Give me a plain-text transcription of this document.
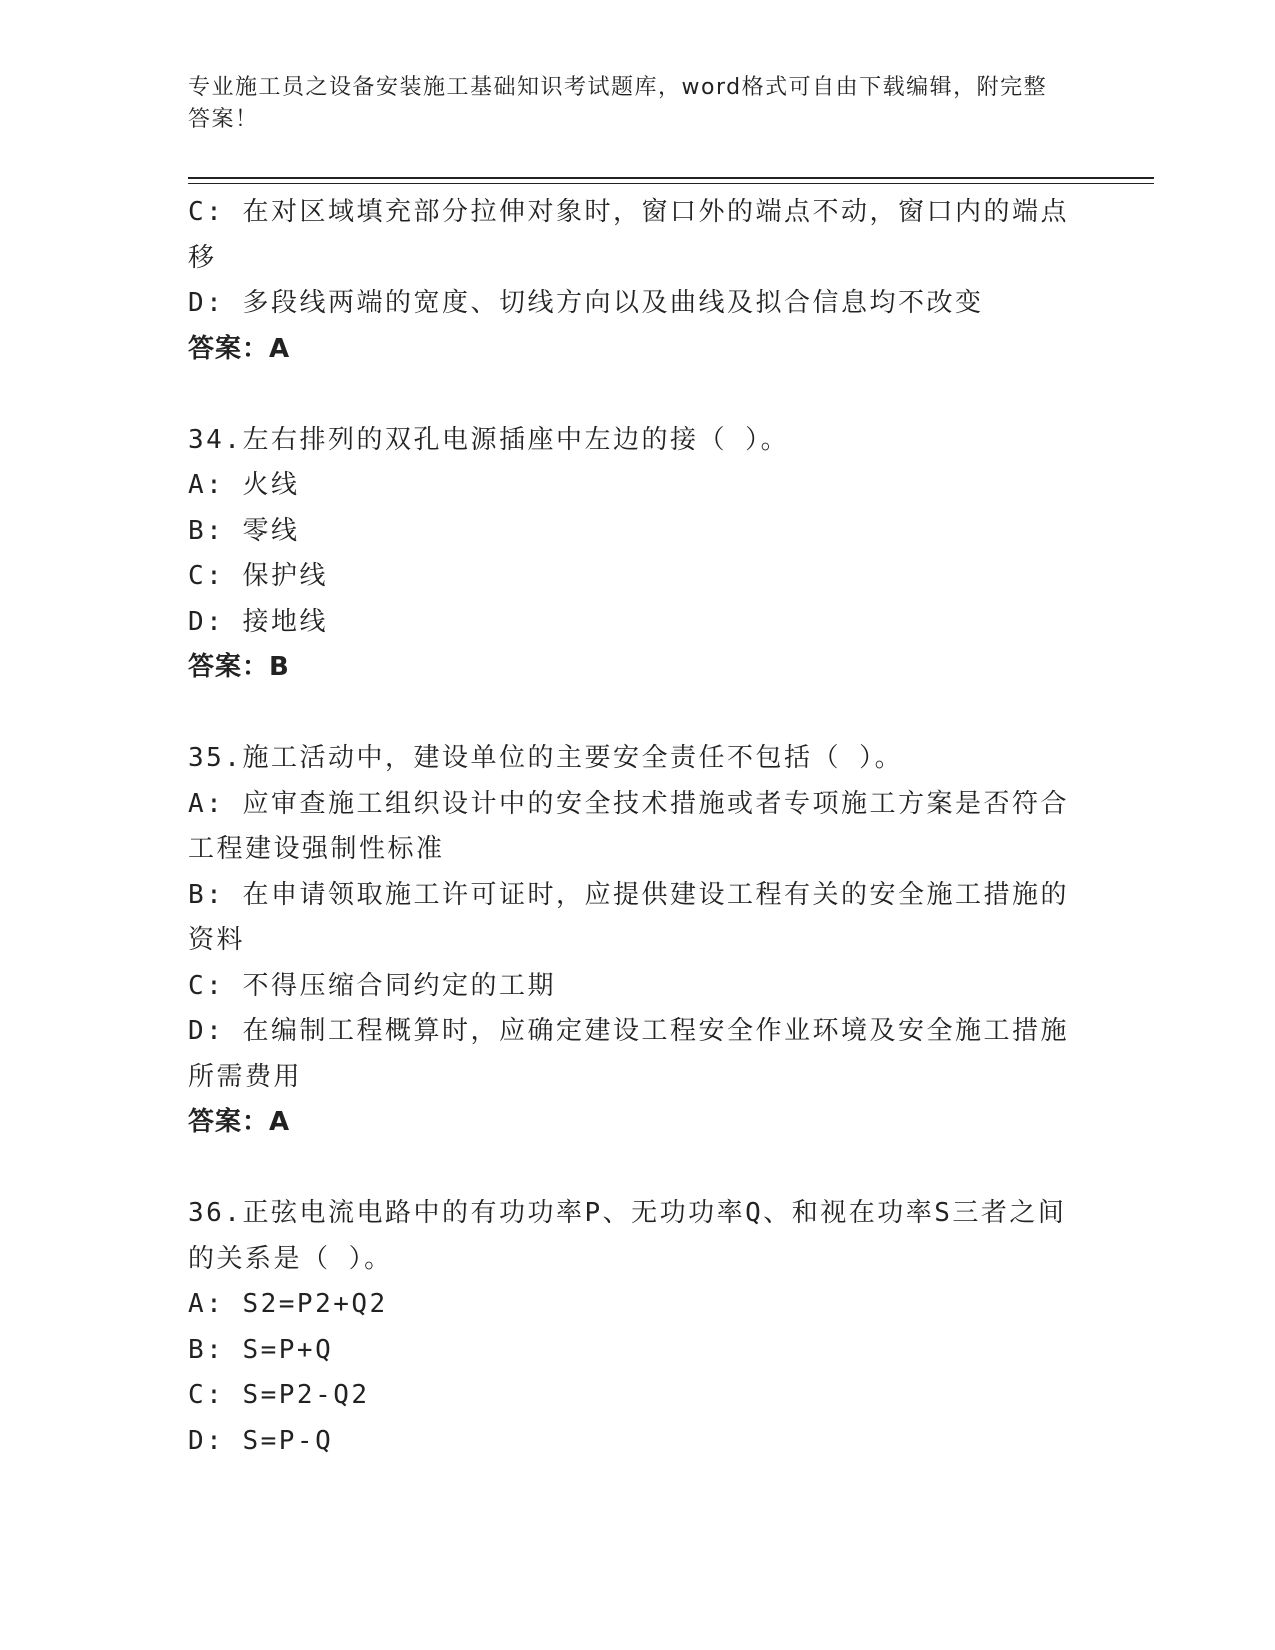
专业施工员之设备安装施工基础知识考试题库，word格式可自由下载编辑，附完整答案！
C: 在对区域填充部分拉伸对象时，窗口外的端点不动，窗口内的端点移
D: 多段线两端的宽度、切线方向以及曲线及拟合信息均不改变
答案：A
34.左右排列的双孔电源插座中左边的接（ ）。
A: 火线
B: 零线
C: 保护线
D: 接地线
答案：B
35.施工活动中，建设单位的主要安全责任不包括（ ）。
A: 应审查施工组织设计中的安全技术措施或者专项施工方案是否符合工程建设强制性标准
B: 在申请领取施工许可证时，应提供建设工程有关的安全施工措施的资料
C: 不得压缩合同约定的工期
D: 在编制工程概算时，应确定建设工程安全作业环境及安全施工措施所需费用
答案：A
36.正弦电流电路中的有功功率P、无功功率Q、和视在功率S三者之间的关系是（ ）。
A: S2=P2+Q2
B: S=P+Q
C: S=P2-Q2
D: S=P-Q
